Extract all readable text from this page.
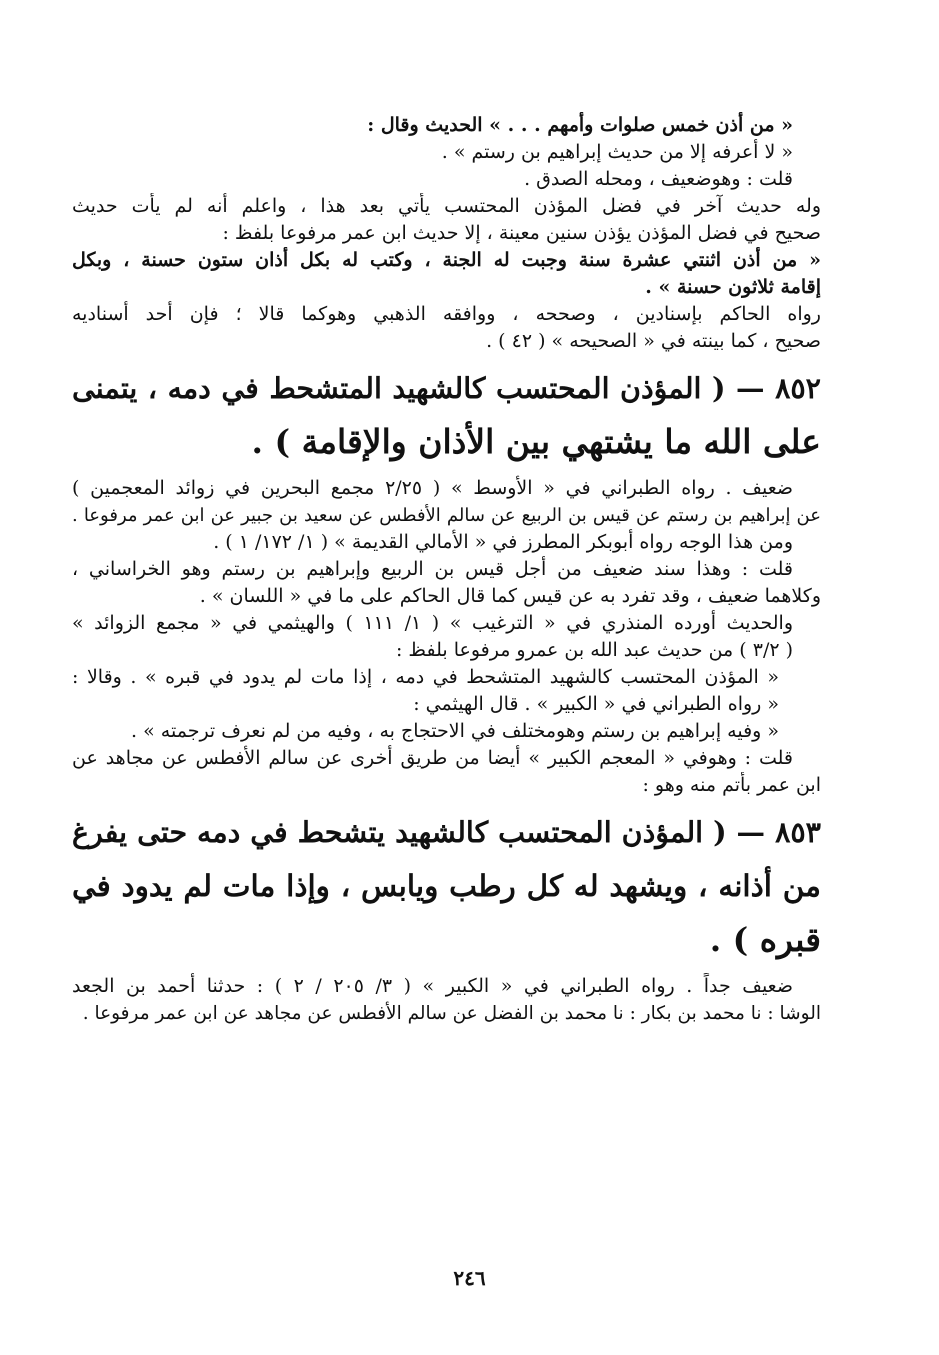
« من أذن خمس صلوات وأمهم . . . » الحديث وقال :
« لا أعرفه إلا من حديث إبراهيم بن رستم » .
قلت : وهوضعيف ، ومحله الصدق .
وله حديث آخر في فضل المؤذن المحتسب يأتي بعد هذا ، واعلم أنه لم يأت حديث
صحيح في فضل المؤذن يؤذن سنين معينة ، إلا حديث ابن عمر مرفوعا بلفظ :
« من أذن اثنتي عشرة سنة وجبت له الجنة ، وكتب له بكل أذان ستون حسنة ، وبكل
إقامة ثلاثون حسنة » .
رواه الحاكم بإسنادين ، وصححه ، ووافقه الذهبي وهوكما قالا ؛ فإن أحد أسناديه
صحيح ، كما بينته في « الصحيحه » ( ٤٢ ) .
٨٥٢ — ( المؤذن المحتسب كالشهيد المتشحط في دمه ، يتمنى
على الله ما يشتهي بين الأذان والإقامة ) .
ضعيف . رواه الطبراني في « الأوسط » ( ٢/٢٥ مجمع البحرين في زوائد المعجمين )
عن إبراهيم بن رستم عن قيس بن الربيع عن سالم الأفطس عن سعيد بن جبير عن ابن عمر مرفوعا .
ومن هذا الوجه رواه أبوبكر المطرز في « الأمالي القديمة » ( ١/ ١٧٢/ ١ ) .
قلت : وهذا سند ضعيف من أجل قيس بن الربيع وإبراهيم بن رستم وهو الخراساني ،
وكلاهما ضعيف ، وقد تفرد به عن قيس كما قال الحاكم على ما في « اللسان » .
والحديث أورده المنذري في « الترغيب » ( ١/ ١١١ ) والهيثمي في « مجمع الزوائد »
( ٣/٢ ) من حديث عبد الله بن عمرو مرفوعا بلفظ :
« المؤذن المحتسب كالشهيد المتشحط في دمه ، إذا مات لم يدود في قبره » . وقالا :
« رواه الطبراني في « الكبير » . قال الهيثمي :
« وفيه إبراهيم بن رستم وهومختلف في الاحتجاج به ، وفيه من لم نعرف ترجمته » .
قلت : وهوفي « المعجم الكبير » أيضا من طريق أخرى عن سالم الأفطس عن مجاهد عن
ابن عمر بأتم منه وهو :
٨٥٣ — ( المؤذن المحتسب كالشهيد يتشحط في دمه حتى يفرغ
من أذانه ، ويشهد له كل رطب ويابس ، وإذا مات لم يدود في
قبره ) .
ضعيف جداً . رواه الطبراني في « الكبير » ( ٣/ ٢٠٥ / ٢ ) : حدثنا أحمد بن الجعد
الوشا : نا محمد بن بكار : نا محمد بن الفضل عن سالم الأفطس عن مجاهد عن ابن عمر مرفوعا .
٢٤٦
